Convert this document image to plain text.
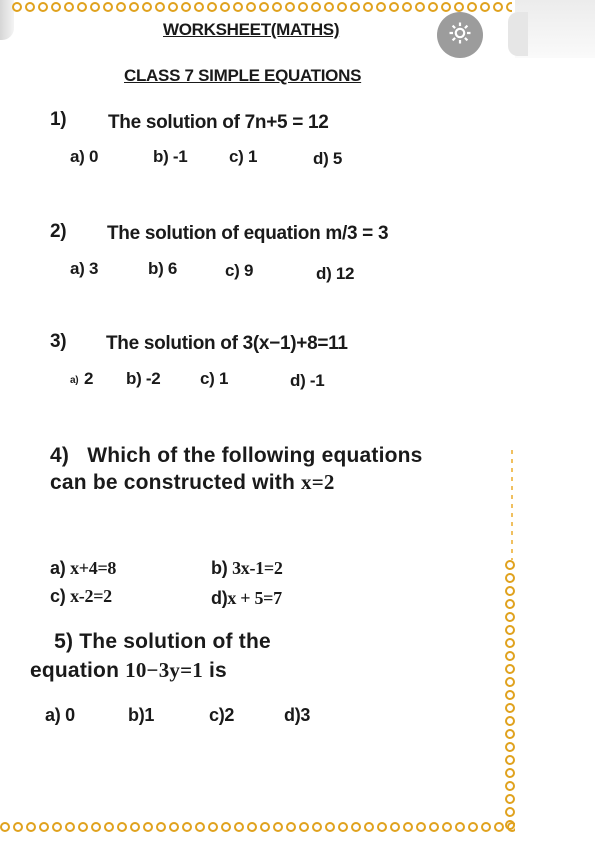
WORKSHEET(MATHS)
CLASS 7 SIMPLE EQUATIONS
1) The solution of 7n+5 = 12
a) 0	b) -1 c) 1	d) 5
2) The solution of equation m/3 = 3
a) 3	b) 6	c) 9	d) 12
3) The solution of 3(x−1)+8=11
a) 2 b) -2 c) 1	d) -1
4) Which of the following equations can be constructed with x=2
a) x+4=8	b) 3x-1=2
c) x-2=2	d)x + 5=7
5) The solution of the equation 10−3y=1 is
a) 0	b)1	c)2	d)3
